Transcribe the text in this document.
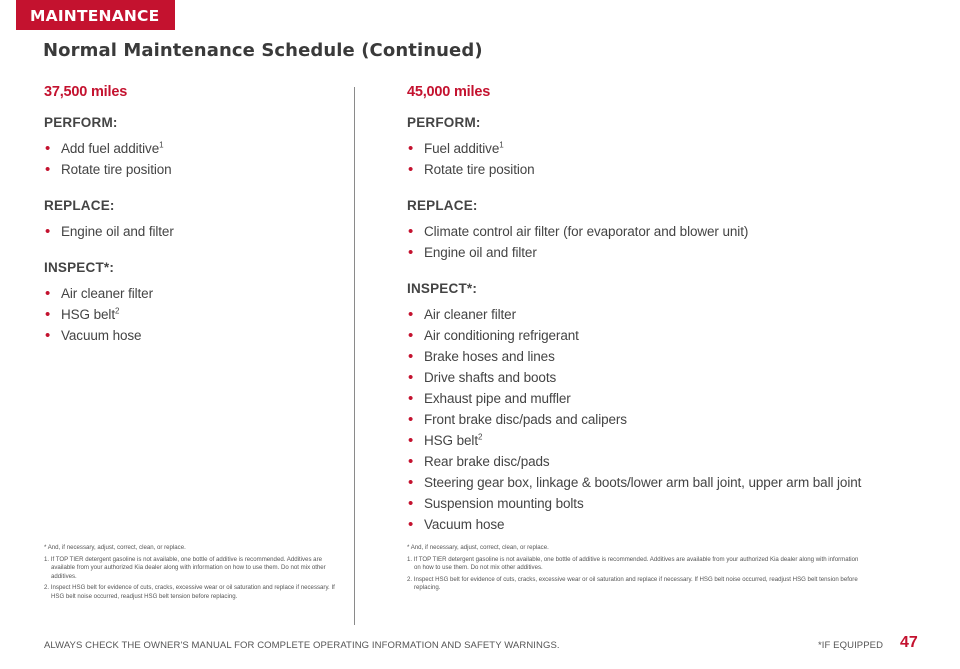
MAINTENANCE
Normal Maintenance Schedule (Continued)
37,500 miles
PERFORM:
• Add fuel additive$^1$
• Rotate tire position
REPLACE:
• Engine oil and filter
INSPECT*:
• Air cleaner filter
• HSG belt$^2$
• Vacuum hose
45,000 miles
PERFORM:
• Fuel additive$^1$
• Rotate tire position
REPLACE:
• Climate control air filter (for evaporator and blower unit)
• Engine oil and filter
INSPECT*:
• Air cleaner filter
• Air conditioning refrigerant
• Brake hoses and lines
• Drive shafts and boots
• Exhaust pipe and muffler
• Front brake disc/pads and calipers
• HSG belt$^2$
• Rear brake disc/pads
• Steering gear box, linkage & boots/lower arm ball joint, upper arm ball joint
• Suspension mounting bolts
• Vacuum hose

* And, if necessary, adjust, correct, clean, or replace.

1. If TOP TIER detergent gasoline is not available, one bottle of additive is recommended. Additives are available from your authorized Kia dealer along with information on how to use them. Do not mix other additives.

2. Inspect HSG belt for evidence of cuts, cracks, excessive wear or oil saturation and replace if necessary. If HSG belt noise occurred, readjust HSG belt tension before replacing.

* And, if necessary, adjust, correct, clean, or replace.

1. If TOP TIER detergent gasoline is not available, one bottle of additive is recommended. Additives are available from your authorized Kia dealer along with information on how to use them. Do not mix other additives.

2. Inspect HSG belt for evidence of cuts, cracks, excessive wear or oil saturation and replace if necessary. If HSG belt noise occurred, readjust HSG belt tension before replacing.

ALWAYS CHECK THE OWNER'S MANUAL FOR COMPLETE OPERATING INFORMATION AND SAFETY WARNINGS.	*IF EQUIPPED 47
